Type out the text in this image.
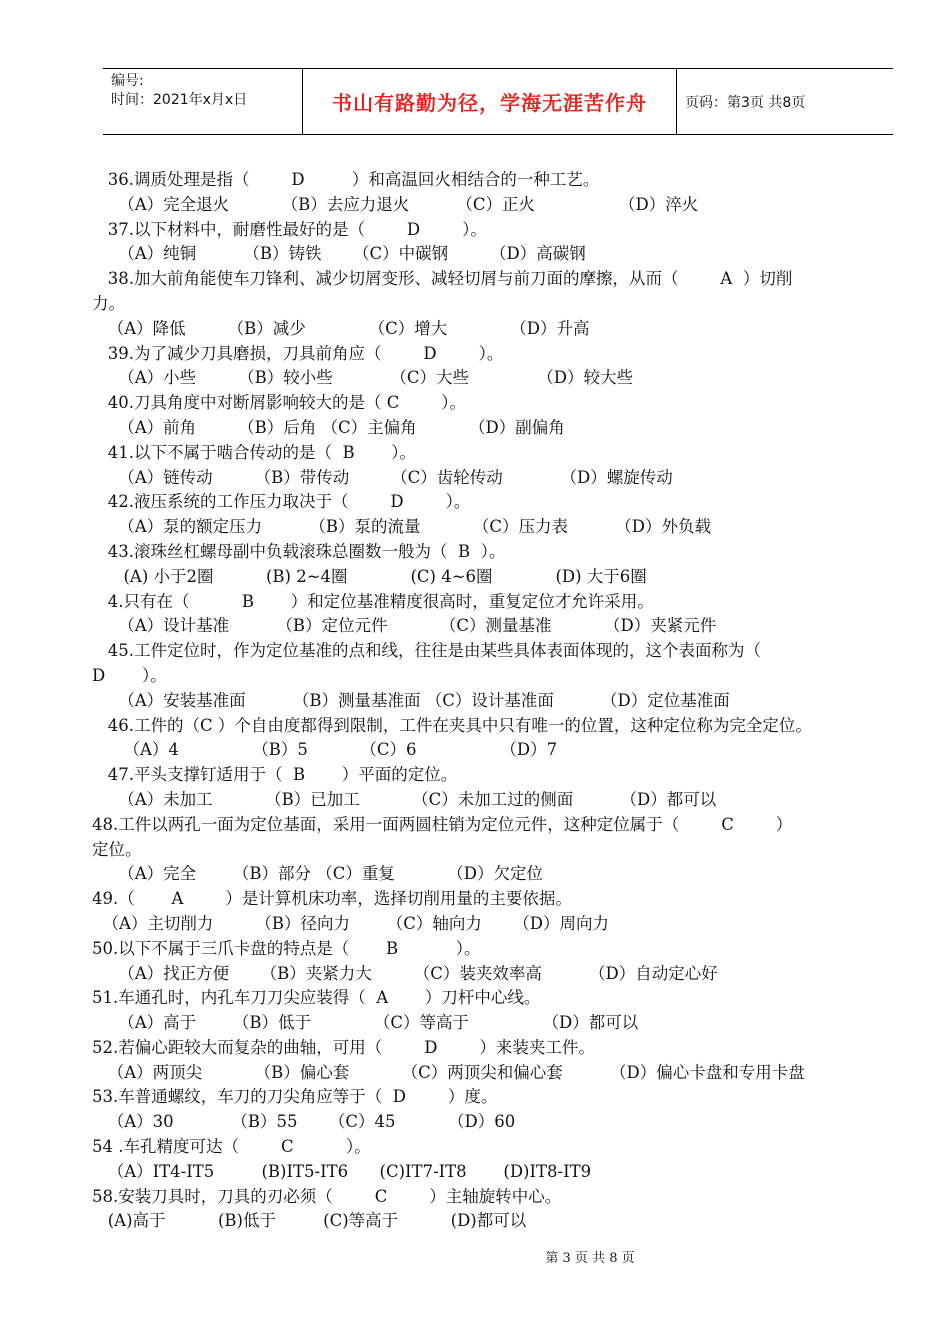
编号:
时间：2021年x月x日	书山有路勤为径，学海无涯苦作舟	页码：第3页 共8页
36.调质处理是指（        D         ）和高温回火相结合的一种工艺。
（A）完全退火          （B）去应力退火         （C）正火                （D）淬火
37.以下材料中，耐磨性最好的是（        D        ）。
（A）纯铜         （B）铸铁      （C）中碳钢        （D）高碳钢
38.加大前角能使车刀锋利、减少切屑变形、减轻切屑与前刀面的摩擦，从而（        A  ）切削
力。
（A）降低        （B）减少            （C）增大            （D）升高
39.为了减少刀具磨损，刀具前角应（        D        ）。
（A）小些        （B）较小些           （C）大些             （D）较大些
40.刀具角度中对断屑影响较大的是（ C        ）。
（A）前角        （B）后角 （C）主偏角          （D）副偏角
41.以下不属于啮合传动的是（  B       ）。
（A）链传动        （B）带传动        （C）齿轮传动           （D）螺旋传动
42.液压系统的工作压力取决于（        D        ）。
（A）泵的额定压力         （B）泵的流量          （C）压力表         （D）外负载
43.滚珠丝杠螺母副中负载滚珠总圈数一般为（  B  ）。
(A) 小于2圈          (B) 2~4圈            (C) 4~6圈            (D) 大于6圈
4.只有在（          B       ）和定位基准精度很高时，重复定位才允许采用。
（A）设计基准         （B）定位元件          （C）测量基准          （D）夹紧元件
45.工件定位时，作为定位基准的点和线，往往是由某些具体表面体现的，这个表面称为（
D       ）。
（A）安装基准面         （B）测量基准面 （C）设计基准面         （D）定位基准面
46.工件的（C ）个自由度都得到限制，工件在夹具中只有唯一的位置，这种定位称为完全定位。
（A）4              （B）5          （C）6                （D）7
47.平头支撑钉适用于（  B       ）平面的定位。
（A）未加工          （B）已加工          （C）未加工过的侧面         （D）都可以
48.工件以两孔一面为定位基面，采用一面两圆柱销为定位元件，这种定位属于（        C        ）
定位。
（A）完全       （B）部分 （C）重复          （D）欠定位
49.（       A        ）是计算机床功率，选择切削用量的主要依据。
（A）主切削力        （B）径向力       （C）轴向力      （D）周向力
50.以下不属于三爪卡盘的特点是（       B           ）。
（A）找正方便      （B）夹紧力大        （C）装夹效率高         （D）自动定心好
51.车通孔时，内孔车刀刀尖应装得（  A       ）刀杆中心线。
（A）高于       （B）低于            （C）等高于              （D）都可以
52.若偏心距较大而复杂的曲轴，可用（        D        ）来装夹工件。
（A）两顶尖          （B）偏心套          （C）两顶尖和偏心套         （D）偏心卡盘和专用卡盘
53.车普通螺纹，车刀的刀尖角应等于（  D        ）度。
（A）30           （B）55      （C）45          （D）60
54 .车孔精度可达（        C          ）。
（A）IT4-IT5         (B)IT5-IT6      (C)IT7-IT8       (D)IT8-IT9
58.安装刀具时，刀具的刃必须（        C        ）主轴旋转中心。
(A)高于          (B)低于         (C)等高于          (D)都可以
第 3 页 共 8 页
